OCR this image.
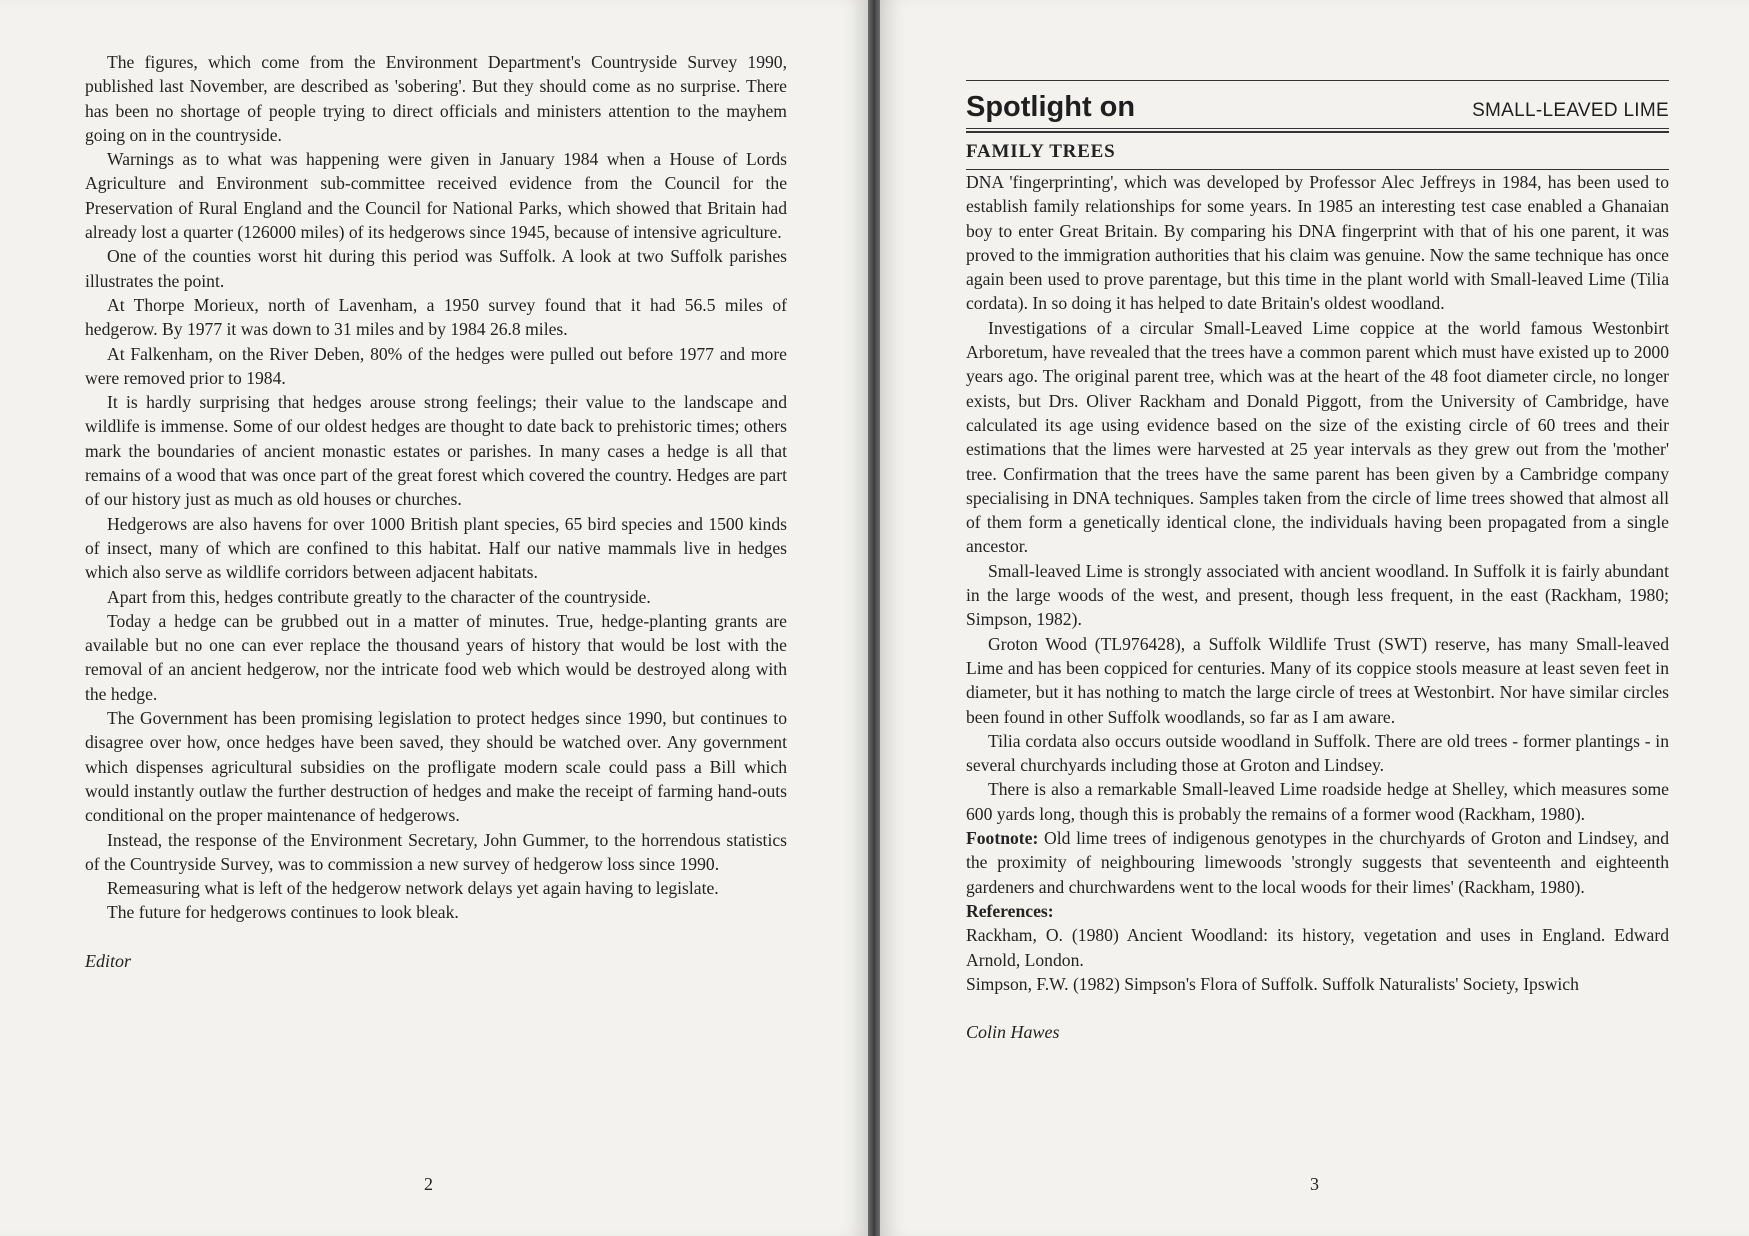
The figures, which come from the Environment Department's Countryside Survey 1990, published last November, are described as 'sobering'. But they should come as no surprise. There has been no shortage of people trying to direct officials and ministers attention to the mayhem going on in the countryside.

Warnings as to what was happening were given in January 1984 when a House of Lords Agriculture and Environment sub-committee received evidence from the Council for the Preservation of Rural England and the Council for National Parks, which showed that Britain had already lost a quarter (126000 miles) of its hedgerows since 1945, because of intensive agriculture.

One of the counties worst hit during this period was Suffolk. A look at two Suffolk parishes illustrates the point.

At Thorpe Morieux, north of Lavenham, a 1950 survey found that it had 56.5 miles of hedgerow. By 1977 it was down to 31 miles and by 1984 26.8 miles.

At Falkenham, on the River Deben, 80% of the hedges were pulled out before 1977 and more were removed prior to 1984.

It is hardly surprising that hedges arouse strong feelings; their value to the landscape and wildlife is immense. Some of our oldest hedges are thought to date back to prehistoric times; others mark the boundaries of ancient monastic estates or parishes. In many cases a hedge is all that remains of a wood that was once part of the great forest which covered the country. Hedges are part of our history just as much as old houses or churches.

Hedgerows are also havens for over 1000 British plant species, 65 bird species and 1500 kinds of insect, many of which are confined to this habitat. Half our native mammals live in hedges which also serve as wildlife corridors between adjacent habitats.

Apart from this, hedges contribute greatly to the character of the countryside.

Today a hedge can be grubbed out in a matter of minutes. True, hedge-planting grants are available but no one can ever replace the thousand years of history that would be lost with the removal of an ancient hedgerow, nor the intricate food web which would be destroyed along with the hedge.

The Government has been promising legislation to protect hedges since 1990, but continues to disagree over how, once hedges have been saved, they should be watched over. Any government which dispenses agricultural subsidies on the profligate modern scale could pass a Bill which would instantly outlaw the further destruction of hedges and make the receipt of farming hand-outs conditional on the proper maintenance of hedgerows.

Instead, the response of the Environment Secretary, John Gummer, to the horrendous statistics of the Countryside Survey, was to commission a new survey of hedgerow loss since 1990.

Remeasuring what is left of the hedgerow network delays yet again having to legislate.

The future for hedgerows continues to look bleak.

Editor
2
Spotlight on	SMALL-LEAVED LIME
FAMILY TREES

DNA 'fingerprinting', which was developed by Professor Alec Jeffreys in 1984, has been used to establish family relationships for some years. In 1985 an interesting test case enabled a Ghanaian boy to enter Great Britain. By comparing his DNA fingerprint with that of his one parent, it was proved to the immigration authorities that his claim was genuine. Now the same technique has once again been used to prove parentage, but this time in the plant world with Small-leaved Lime (Tilia cordata). In so doing it has helped to date Britain's oldest woodland.

Investigations of a circular Small-Leaved Lime coppice at the world famous Westonbirt Arboretum, have revealed that the trees have a common parent which must have existed up to 2000 years ago. The original parent tree, which was at the heart of the 48 foot diameter circle, no longer exists, but Drs. Oliver Rackham and Donald Piggott, from the University of Cambridge, have calculated its age using evidence based on the size of the existing circle of 60 trees and their estimations that the limes were harvested at 25 year intervals as they grew out from the 'mother' tree. Confirmation that the trees have the same parent has been given by a Cambridge company specialising in DNA techniques. Samples taken from the circle of lime trees showed that almost all of them form a genetically identical clone, the individuals having been propagated from a single ancestor.

Small-leaved Lime is strongly associated with ancient woodland. In Suffolk it is fairly abundant in the large woods of the west, and present, though less frequent, in the east (Rackham, 1980; Simpson, 1982).

Groton Wood (TL976428), a Suffolk Wildlife Trust (SWT) reserve, has many Small-leaved Lime and has been coppiced for centuries. Many of its coppice stools measure at least seven feet in diameter, but it has nothing to match the large circle of trees at Westonbirt. Nor have similar circles been found in other Suffolk woodlands, so far as I am aware.

Tilia cordata also occurs outside woodland in Suffolk. There are old trees - former plantings - in several churchyards including those at Groton and Lindsey.

There is also a remarkable Small-leaved Lime roadside hedge at Shelley, which measures some 600 yards long, though this is probably the remains of a former wood (Rackham, 1980).

Footnote: Old lime trees of indigenous genotypes in the churchyards of Groton and Lindsey, and the proximity of neighbouring limewoods 'strongly suggests that seventeenth and eighteenth gardeners and churchwardens went to the local woods for their limes' (Rackham, 1980).

References:
Rackham, O. (1980) Ancient Woodland: its history, vegetation and uses in England. Edward Arnold, London.
Simpson, F.W. (1982) Simpson's Flora of Suffolk. Suffolk Naturalists' Society, Ipswich
Colin Hawes
3
